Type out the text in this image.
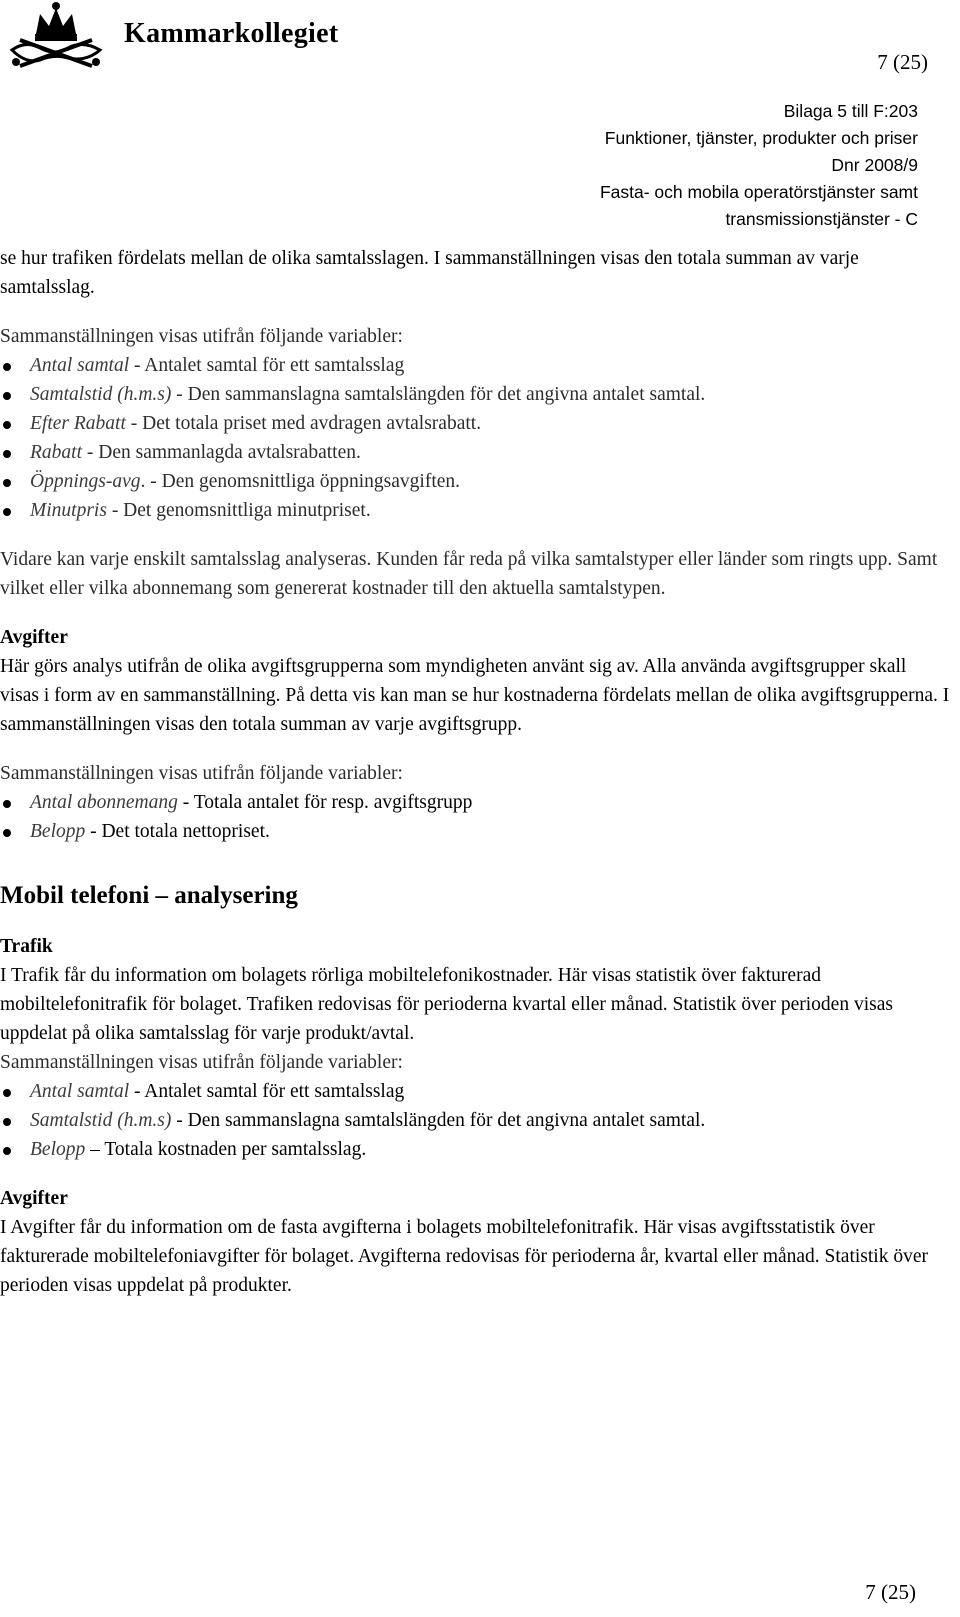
Kammarkollegiet
7 (25)
Bilaga 5 till F:203
Funktioner, tjänster, produkter och priser
Dnr 2008/9
Fasta- och mobila operatörstjänster samt
transmissionstjänster - C

se hur trafiken fördelats mellan de olika samtalsslagen. I sammanställningen visas den totala summan av varje samtalsslag.

Sammanställningen visas utifrån följande variabler:

Antal samtal - Antalet samtal för ett samtalsslag
Samtalstid (h.m.s) - Den sammanslagna samtalslängden för det angivna antalet samtal.
Efter Rabatt - Det totala priset med avdragen avtalsrabatt.
Rabatt - Den sammanlagda avtalsrabatten.
Öppnings-avg. - Den genomsnittliga öppningsavgiften.
Minutpris - Det genomsnittliga minutpriset.

Vidare kan varje enskilt samtalsslag analyseras. Kunden får reda på vilka samtalstyper eller länder som ringts upp. Samt vilket eller vilka abonnemang som genererat kostnader till den aktuella samtalstypen.

Avgifter

Här görs analys utifrån de olika avgiftsgrupperna som myndigheten använt sig av. Alla använda avgiftsgrupper skall visas i form av en sammanställning. På detta vis kan man se hur kostnaderna fördelats mellan de olika avgiftsgrupperna. I sammanställningen visas den totala summan av varje avgiftsgrupp.

Sammanställningen visas utifrån följande variabler:

Antal abonnemang - Totala antalet för resp. avgiftsgrupp
Belopp - Det totala nettopriset.

Mobil telefoni – analysering

Trafik

I Trafik får du information om bolagets rörliga mobiltelefonikostnader. Här visas statistik över fakturerad mobiltelefonitrafik för bolaget. Trafiken redovisas för perioderna kvartal eller månad. Statistik över perioden visas uppdelat på olika samtalsslag för varje produkt/avtal.

Sammanställningen visas utifrån följande variabler:

Antal samtal - Antalet samtal för ett samtalsslag
Samtalstid (h.m.s) - Den sammanslagna samtalslängden för det angivna antalet samtal.
Belopp – Totala kostnaden per samtalsslag.

Avgifter

I Avgifter får du information om de fasta avgifterna i bolagets mobiltelefonitrafik. Här visas avgiftsstatistik över fakturerade mobiltelefoniavgifter för bolaget. Avgifterna redovisas för perioderna år, kvartal eller månad. Statistik över perioden visas uppdelat på produkter.

7 (25)
